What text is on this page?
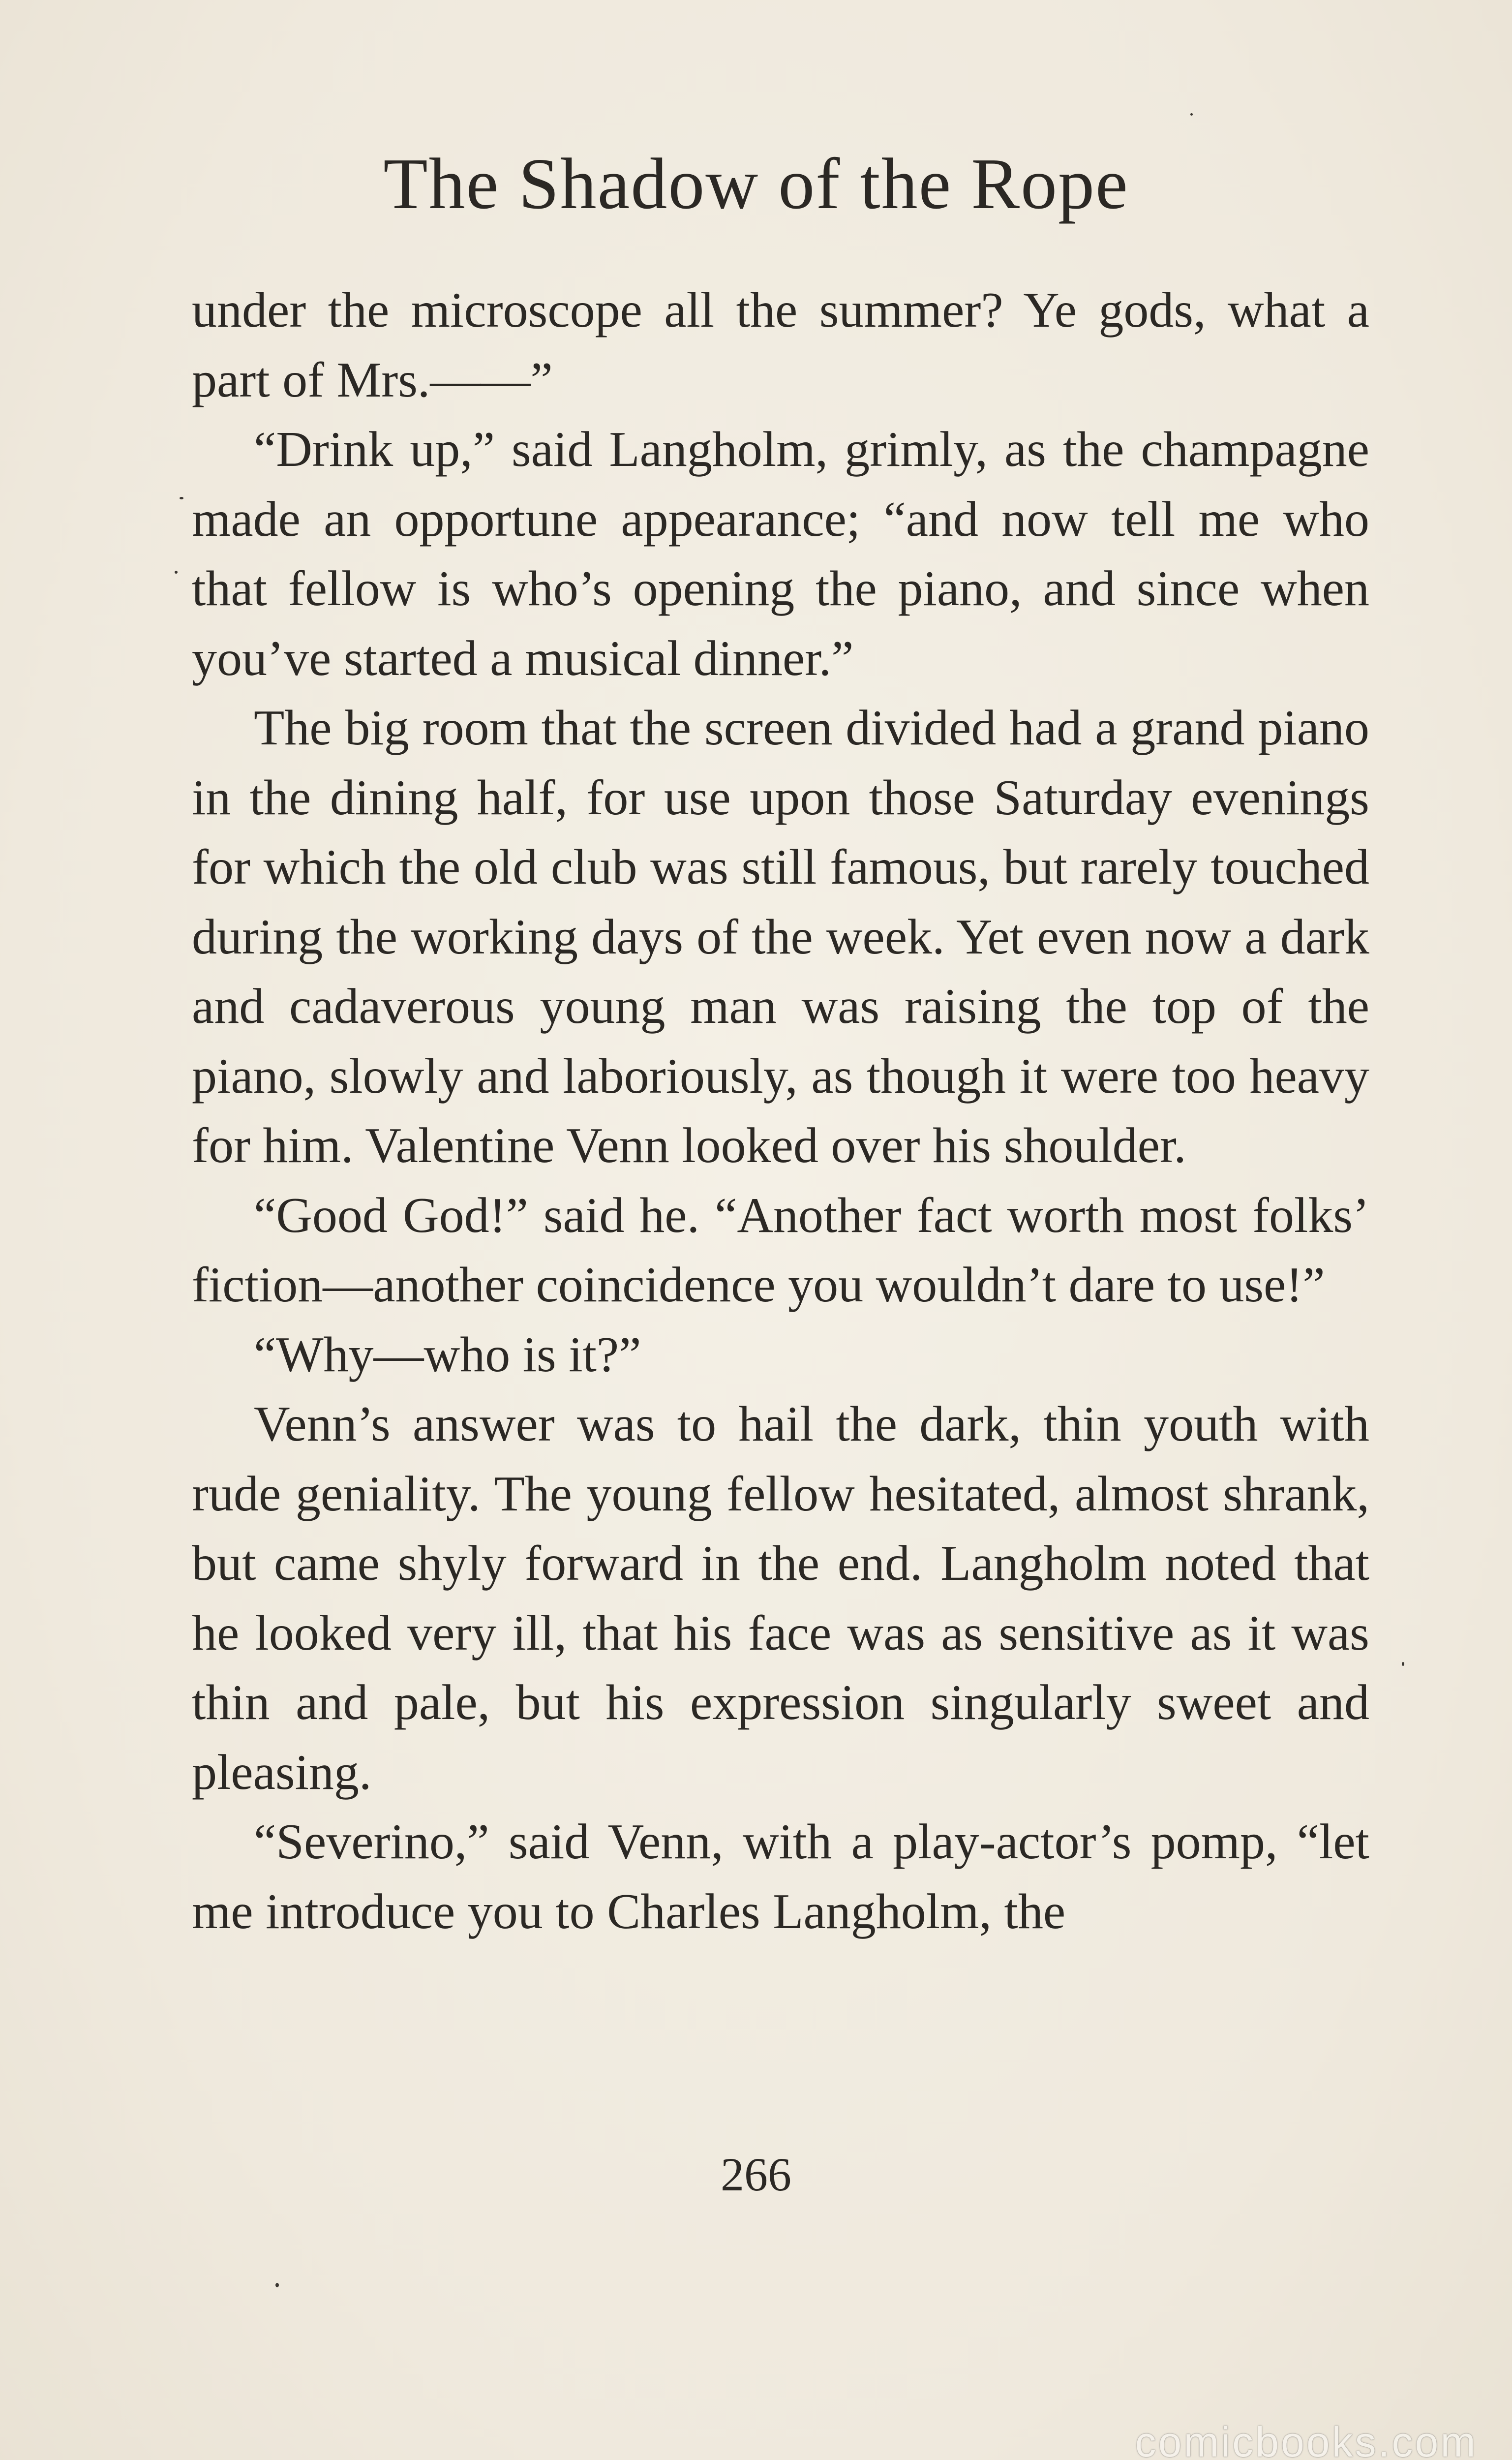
The Shadow of the Rope

under the microscope all the summer? Ye gods, what a part of Mrs.——”

“Drink up,” said Langholm, grimly, as the champagne made an opportune appearance; “and now tell me who that fellow is who’s opening the piano, and since when you’ve started a musical dinner.”

The big room that the screen divided had a grand piano in the dining half, for use upon those Saturday evenings for which the old club was still famous, but rarely touched during the working days of the week. Yet even now a dark and cadaverous young man was raising the top of the piano, slowly and laboriously, as though it were too heavy for him. Valentine Venn looked over his shoulder.

“Good God!” said he. “Another fact worth most folks’ fiction—another coincidence you wouldn’t dare to use!”

“Why—who is it?”

Venn’s answer was to hail the dark, thin youth with rude geniality. The young fellow hesitated, almost shrank, but came shyly forward in the end. Langholm noted that he looked very ill, that his face was as sensitive as it was thin and pale, but his expression singularly sweet and pleasing.

“Severino,” said Venn, with a play-actor’s pomp, “let me introduce you to Charles Langholm, the

266
comicbooks.com
